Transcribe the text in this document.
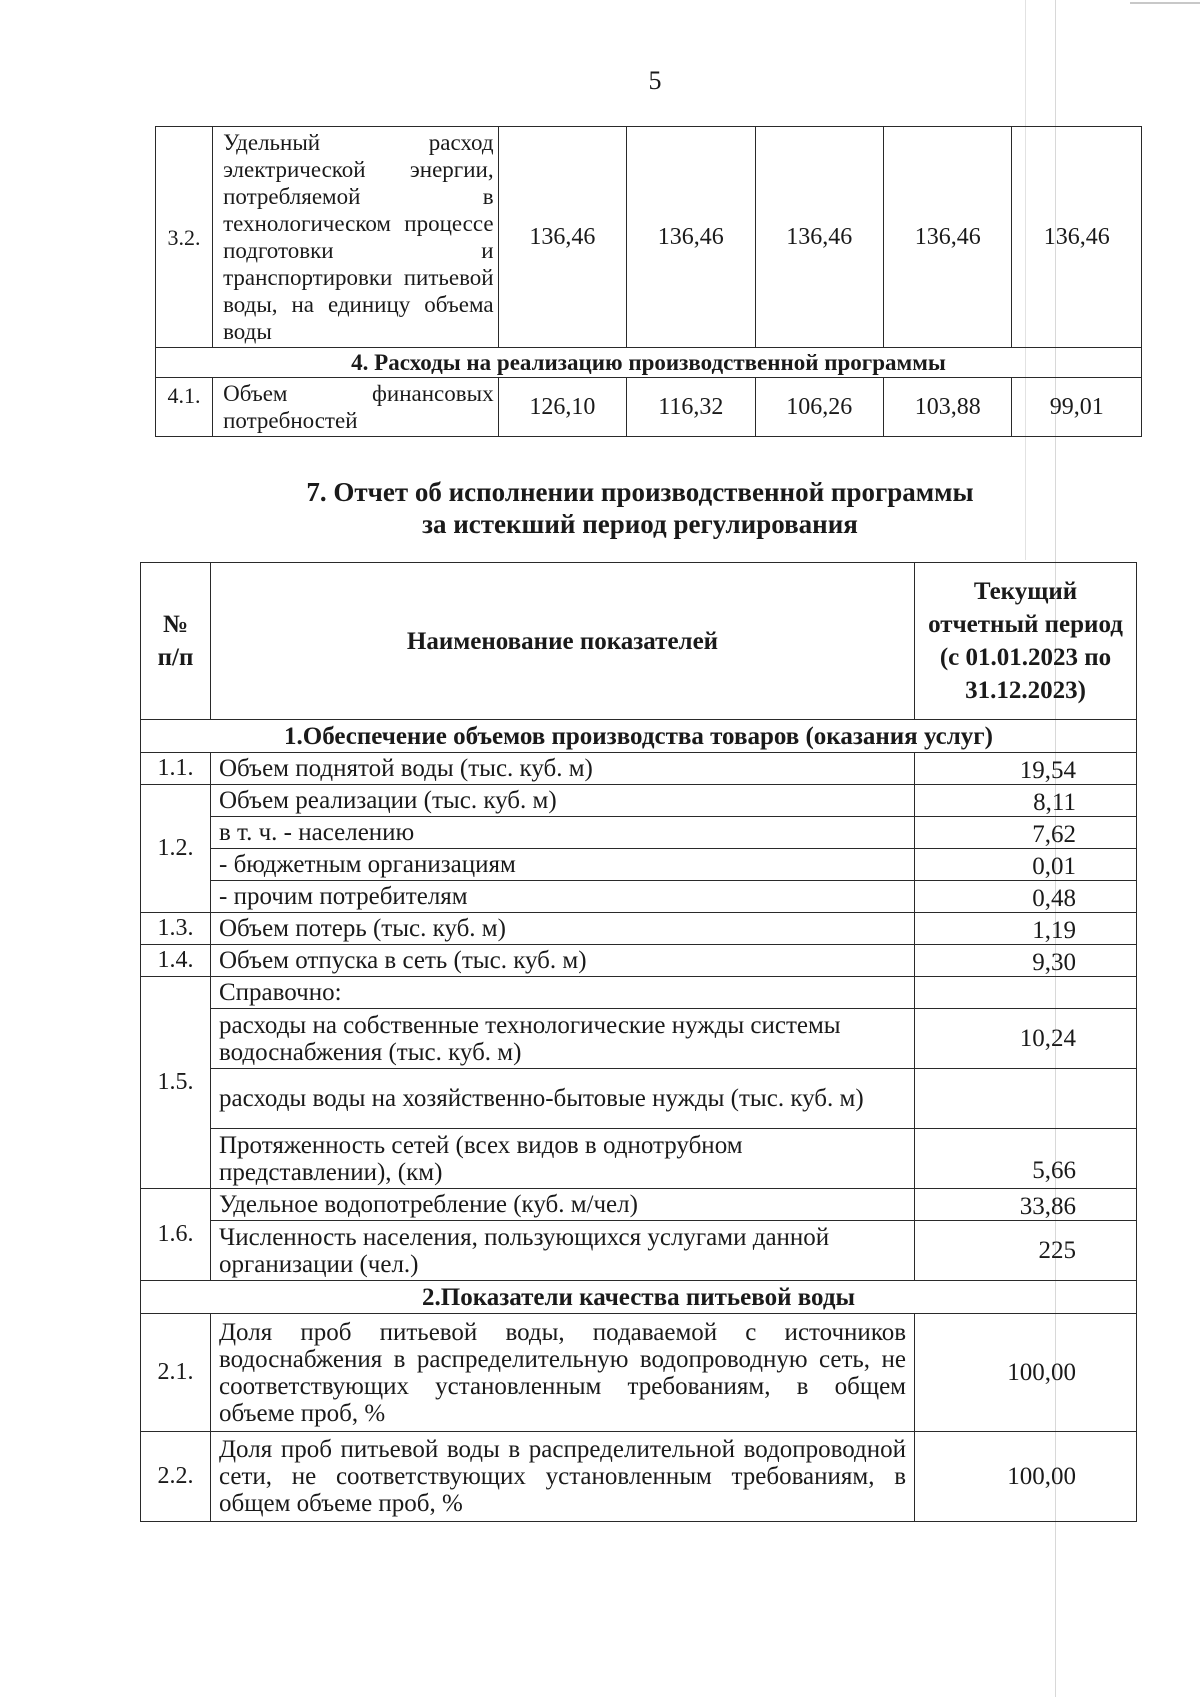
5
3.2.	Удельный расход электрической энергии, потребляемой в технологическом процессе подготовки и транспортировки питьевой воды, на единицу объема воды	136,46	136,46	136,46	136,46	136,46
4. Расходы на реализацию производственной программы						
4.1.	Объем финансовых потребностей	126,10	116,32	106,26	103,88	99,01
7. Отчет об исполнении производственной программы
за истекший период регулирования
№ п/п	Наименование показателей	Текущий отчетный период (с 01.01.2023 по 31.12.2023)
1.Обеспечение объемов производства товаров (оказания услуг)		
1.1.	Объем поднятой воды (тыс. куб. м)	19,54
1.2.	Объем реализации (тыс. куб. м)	8,11
	в т. ч. - населению	7,62
	- бюджетным организациям	0,01
	- прочим потребителям	0,48
1.3.	Объем потерь (тыс. куб. м)	1,19
1.4.	Объем отпуска в сеть (тыс. куб. м)	9,30
1.5.	Справочно:	
	расходы на собственные технологические нужды системы водоснабжения (тыс. куб. м)	10,24
	расходы воды на хозяйственно-бытовые нужды (тыс. куб. м)	
	Протяженность сетей (всех видов в однотрубном представлении), (км)	5,66
1.6.	Удельное водопотребление (куб. м/чел)	33,86
	Численность населения, пользующихся услугами данной организации (чел.)	225
2.Показатели качества питьевой воды		
2.1.	Доля проб питьевой воды, подаваемой с источников водоснабжения в распределительную водопроводную сеть, не соответствующих установленным требованиям, в общем объеме проб, %	100,00
2.2.	Доля проб питьевой воды в распределительной водопроводной сети, не соответствующих установленным требованиям, в общем объеме проб, %	100,00
